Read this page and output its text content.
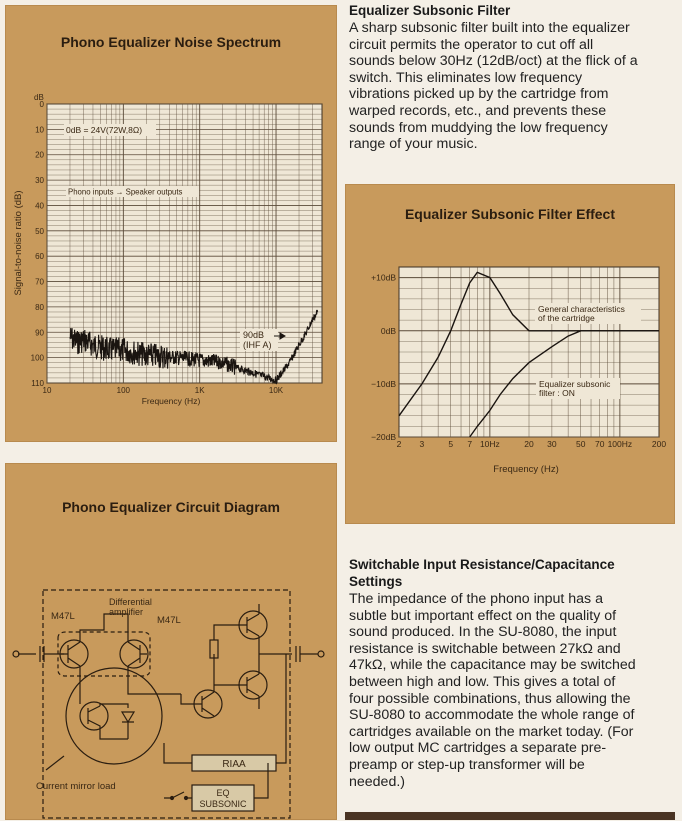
Phono Equalizer Noise Spectrum
dB
0
10
20
30
40
50
60
70
80
90
100
110
10	100	1K	10K
Signal-to-noise ratio (dB)
Frequency (Hz)
0dB = 24V(72W,8Ω)
Phono inputs → Speaker outputs
90dB
(IHF A)
Phono Equalizer Circuit Diagram
M47L
Differential
amplifier
M47L
RIAA
EQ
SUBSONIC
Current mirror load
Equalizer Subsonic Filter Effect
+10dB
0dB
−10dB
−20dB
2 3	5 7 10Hz	20 30 50 70 100Hz 200
Frequency (Hz)
General characteristics
of the cartridge
Equalizer subsonic
filter : ON
Equalizer Subsonic Filter
A sharp subsonic filter built into the equalizer
circuit permits the operator to cut off all
sounds below 30Hz (12dB/oct) at the flick of a
switch. This eliminates low frequency
vibrations picked up by the cartridge from
warped records, etc., and prevents these
sounds from muddying the low frequency
range of your music.
Switchable Input Resistance/Capacitance
Settings
The impedance of the phono input has a
subtle but important effect on the quality of
sound produced. In the SU-8080, the input
resistance is switchable between 27kΩ and
47kΩ, while the capacitance may be switched
between high and low. This gives a total of
four possible combinations, thus allowing the
SU-8080 to accommodate the whole range of
cartridges available on the market today. (For
low output MC cartridges a separate pre-
preamp or step-up transformer will be
needed.)
